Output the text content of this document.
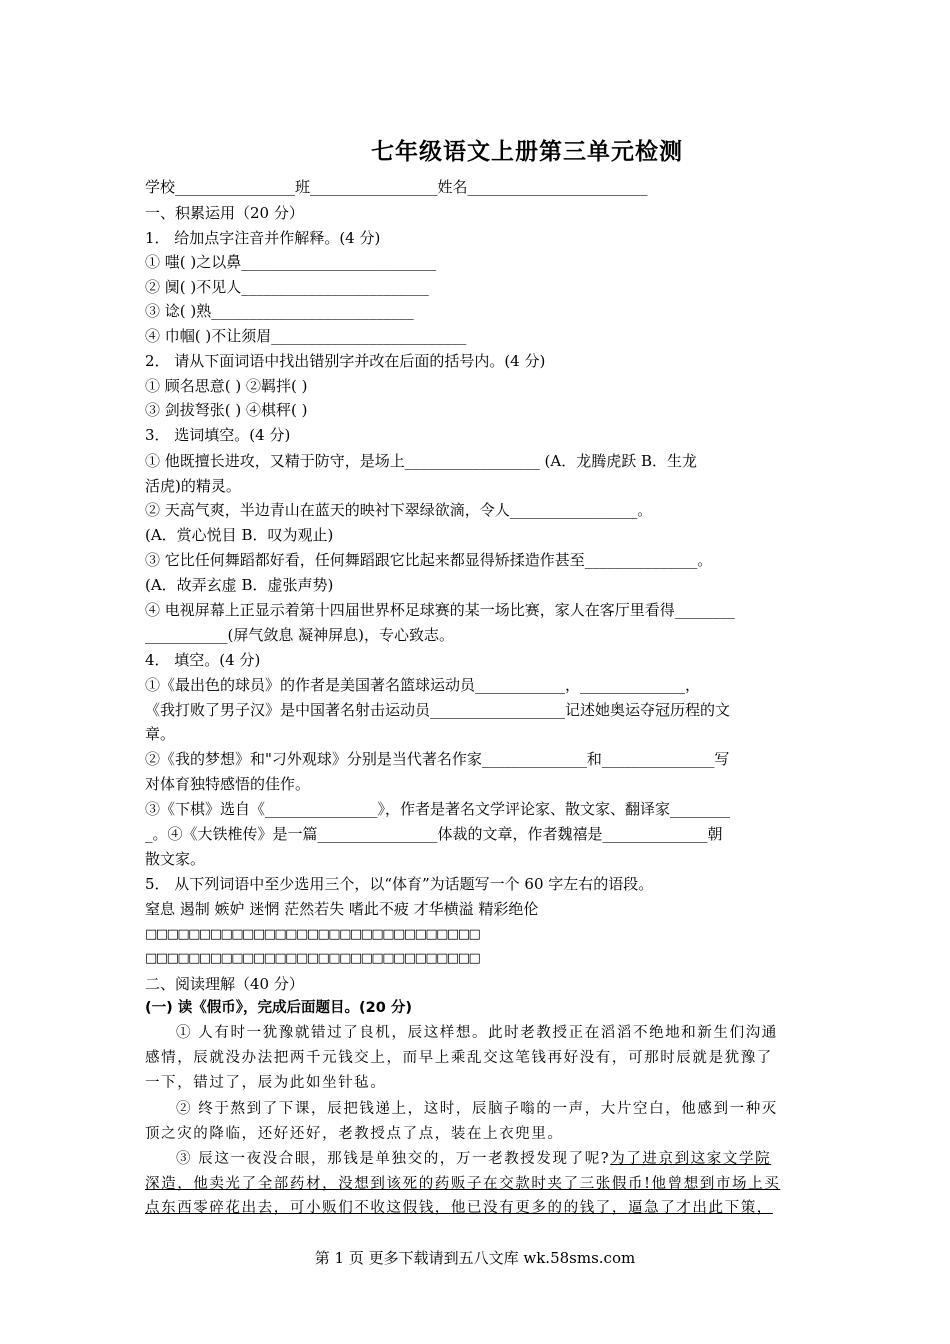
七年级语文上册第三单元检测
学校________________班_________________姓名________________________
一、积累运用（20 分）
1． 给加点字注音并作解释。(4 分)
① 嗤( )之以鼻__________________________
② 阒( )不见人_________________________
③ 谂( )熟___________________________
④ 巾帼( )不让须眉__________________________
2． 请从下面词语中找出错别字并改在后面的括号内。(4 分)
① 顾名思意( ) ②羁拌( )
③ 剑拔弩张( ) ④棋秤( )
3． 选词填空。(4 分)
① 他既擅长进攻，又精于防守，是场上__________________ (A．龙腾虎跃 B．生龙
活虎)的精灵。
② 天高气爽，半边青山在蓝天的映衬下翠绿欲滴，令人_________________。
(A．赏心悦目 B．叹为观止)
③ 它比任何舞蹈都好看，任何舞蹈跟它比起来都显得矫揉造作甚至_______________。
(A．故弄玄虚 B．虚张声势)
④ 电视屏幕上正显示着第十四届世界杯足球赛的某一场比赛，家人在客厅里看得________
___________(屏气敛息 凝神屏息)，专心致志。
4． 填空。(4 分)
①《最出色的球员》的作者是美国著名篮球运动员____________，______________，
《我打败了男子汉》是中国著名射击运动员__________________记述她奥运夺冠历程的文
章。
②《我的梦想》和"刁外观球》分别是当代著名作家______________和_______________写
对体育独特感悟的佳作。
③《下棋》选自《_______________》，作者是著名文学评论家、散文家、翻译家________
_。④《大铁椎传》是一篇________________体裁的文章，作者魏禧是______________朝
散文家。
5． 从下列词语中至少选用三个，以“体育”为话题写一个 60 字左右的语段。
窒息 遏制 嫉妒 迷惘 茫然若失 嗜此不疲 才华横溢 精彩绝伦
□□□□□□□□□□□□□□□□□□□□□□□□□□□□□□□
□□□□□□□□□□□□□□□□□□□□□□□□□□□□□□□
二、阅读理解（40 分）
(一) 读《假币》，完成后面题目。(20 分)
① 人有时一犹豫就错过了良机，辰这样想。此时老教授正在滔滔不绝地和新生们沟通
感情，辰就没办法把两千元钱交上，而早上乘乱交这笔钱再好没有，可那时辰就是犹豫了
一下，错过了，辰为此如坐针毡。
② 终于熬到了下课，辰把钱递上，这时，辰脑子嗡的一声，大片空白，他感到一种灭
顶之灾的降临，还好还好，老教授点了点，装在上衣兜里。
③ 辰这一夜没合眼，那钱是单独交的，万一老教授发现了呢?为了进京到这家文学院
深造，他卖光了全部药材，没想到该死的药贩子在交款时夹了三张假币!他曾想到市场上买
点东西零碎花出去，可小贩们不收这假钱，他已没有更多的的钱了，逼急了才出此下策，
第 1 页 更多下载请到五八文库 wk.58sms.com
